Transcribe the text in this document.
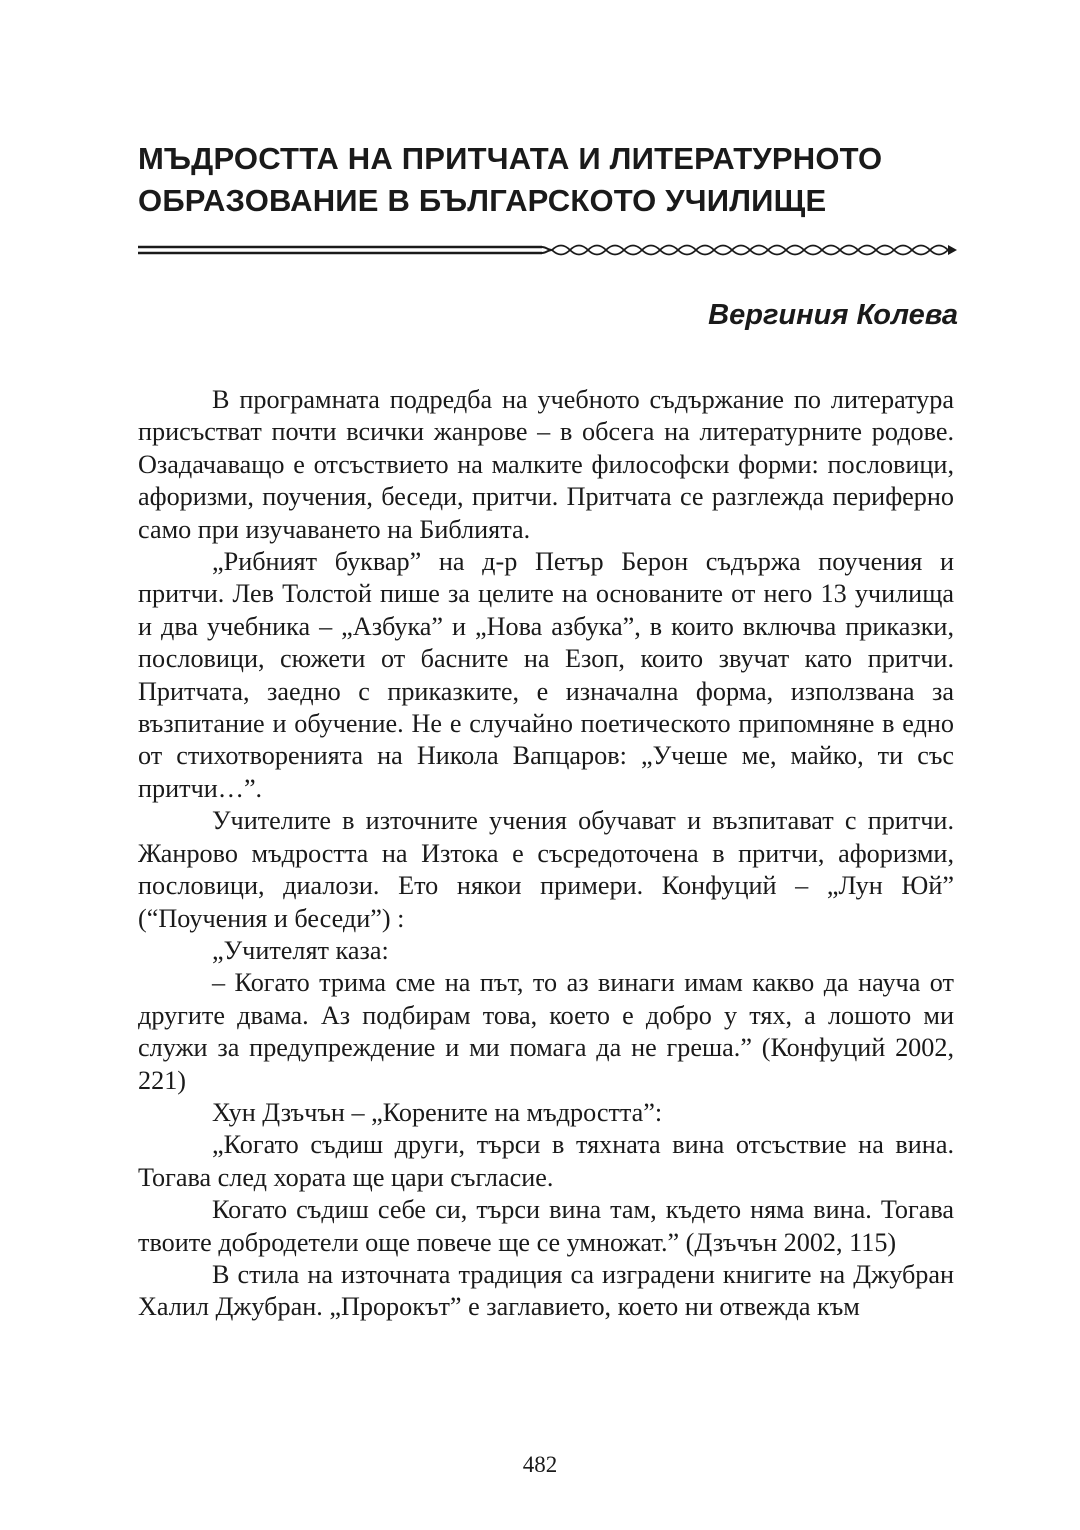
МЪДРОСТТА НА ПРИТЧАТА И ЛИТЕРАТУРНОТО
ОБРАЗОВАНИЕ В БЪЛГАРСКОТО УЧИЛИЩЕ
Вергиния Колева

В програмната подредба на учебното съдържание по литература присъстват почти всички жанрове – в обсега на литературните родове. Озадачаващо е отсъствието на малките философски форми: пословици, афоризми, поучения, беседи, притчи. Притчата се разглежда периферно само при изучаването на Библията.

„Рибният буквар” на д-р Петър Берон съдържа поучения и притчи. Лев Толстой пише за целите на основаните от него 13 училища и два учебника – „Азбука” и „Нова азбука”, в които включва приказки, пословици, сюжети от басните на Езоп, които звучат като притчи. Притчата, заедно с приказките, е изначална форма, използвана за възпитание и обучение. Не е случайно поетическото припомняне в едно от стихотворенията на Никола Вапцаров: „Учеше ме, майко, ти със притчи…”.

Учителите в източните учения обучават и възпитават с притчи. Жанрово мъдростта на Изтока е съсредоточена в притчи, афоризми, пословици, диалози. Ето някои примери. Конфуций – „Лун Юй” (“Поучения и беседи”) :

„Учителят каза:

– Когато трима сме на път, то аз винаги имам какво да науча от другите двама. Аз подбирам това, което е добро у тях, а лошото ми служи за предупреждение и ми помага да не греша.” (Конфуций 2002, 221)

Хун Дзъчън – „Корените на мъдростта”:

„Когато съдиш други, търси в тяхната вина отсъствие на вина. Тогава след хората ще цари съгласие.

Когато съдиш себе си, търси вина там, където няма вина. Тогава твоите добродетели още повече ще се умножат.” (Дзъчън 2002, 115)

В стила на източната традиция са изградени книгите на Джубран Халил Джубран. „Пророкът” е заглавието, което ни отвежда към

482
